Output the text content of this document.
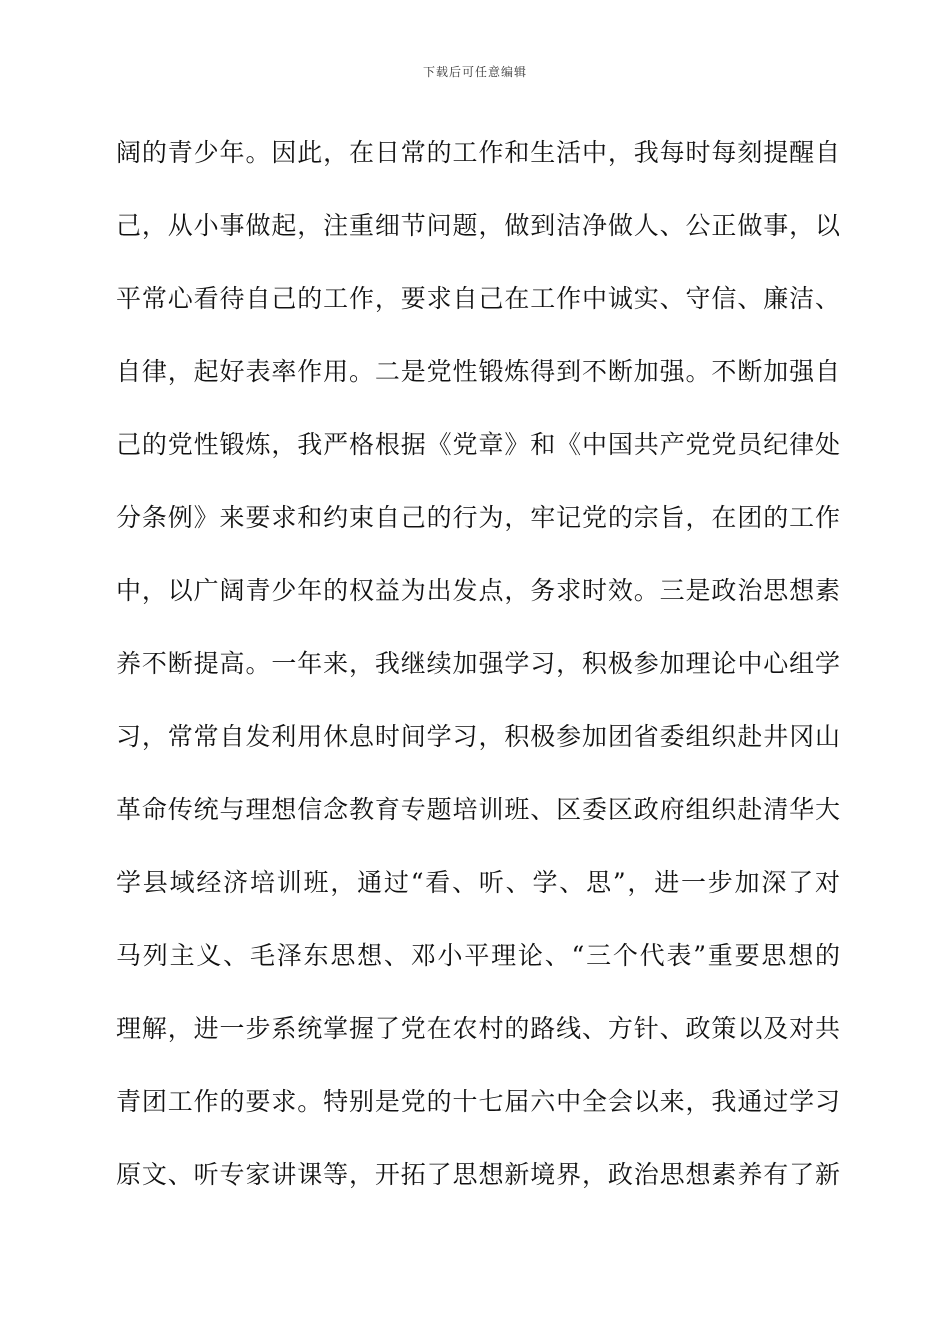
下载后可任意编辑
阔的青少年。因此，在日常的工作和生活中，我每时每刻提醒自
己，从小事做起，注重细节问题，做到洁净做人、公正做事，以
平常心看待自己的工作，要求自己在工作中诚实、守信、廉洁、
自律，起好表率作用。二是党性锻炼得到不断加强。不断加强自
己的党性锻炼，我严格根据《党章》和《中国共产党党员纪律处
分条例》来要求和约束自己的行为，牢记党的宗旨，在团的工作
中，以广阔青少年的权益为出发点，务求时效。三是政治思想素
养不断提高。一年来，我继续加强学习，积极参加理论中心组学
习，常常自发利用休息时间学习，积极参加团省委组织赴井冈山
革命传统与理想信念教育专题培训班、区委区政府组织赴清华大
学县域经济培训班，通过“看、听、学、思”，进一步加深了对
马列主义、毛泽东思想、邓小平理论、“三个代表”重要思想的
理解，进一步系统掌握了党在农村的路线、方针、政策以及对共
青团工作的要求。特别是党的十七届六中全会以来，我通过学习
原文、听专家讲课等，开拓了思想新境界，政治思想素养有了新
